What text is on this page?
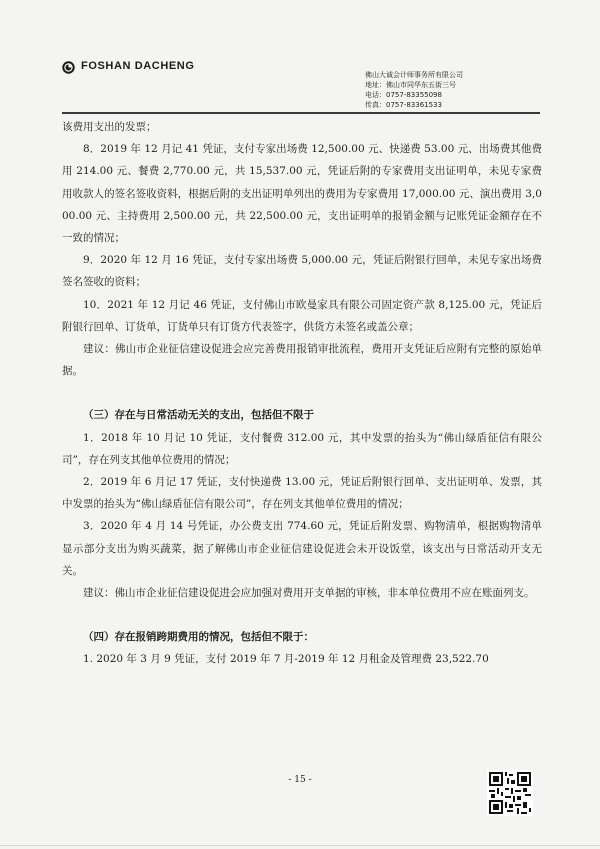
FOSHAN DACHENG
佛山大诚会计师事务所有限公司
地址：佛山市同华东五街三号
电话：0757-83355098
传真：0757-83361533

该费用支出的发票；

8．2019 年 12 月记 41 凭证，支付专家出场费 12,500.00 元、快递费 53.00 元、出场费其他费用 214.00 元、餐费 2,770.00 元，共 15,537.00 元，凭证后附的专家费用支出证明单，未见专家费用收款人的签名签收资料，根据后附的支出证明单列出的费用为专家费用 17,000.00 元、演出费用 3,000.00 元、主持费用 2,500.00 元，共 22,500.00 元，支出证明单的报销金额与记账凭证金额存在不一致的情况；

9．2020 年 12 月 16 凭证，支付专家出场费 5,000.00 元，凭证后附银行回单，未见专家出场费签名签收的资料；

10．2021 年 12 月记 46 凭证，支付佛山市欧曼家具有限公司固定资产款 8,125.00 元，凭证后附银行回单、订货单，订货单只有订货方代表签字，供货方未签名或盖公章；

建议：佛山市企业征信建设促进会应完善费用报销审批流程，费用开支凭证后应附有完整的原始单据。

（三）存在与日常活动无关的支出，包括但不限于

1．2018 年 10 月记 10 凭证，支付餐费 312.00 元，其中发票的抬头为“佛山绿盾征信有限公司”，存在列支其他单位费用的情况；

2．2019 年 6 月记 17 凭证，支付快递费 13.00 元，凭证后附银行回单、支出证明单、发票，其中发票的抬头为“佛山绿盾征信有限公司”，存在列支其他单位费用的情况；

3．2020 年 4 月 14 号凭证，办公费支出 774.60 元，凭证后附发票、购物清单，根据购物清单显示部分支出为购买蔬菜，据了解佛山市企业征信建设促进会未开设饭堂，该支出与日常活动开支无关。

建议：佛山市企业征信建设促进会应加强对费用开支单据的审核，非本单位费用不应在账面列支。

（四）存在报销跨期费用的情况，包括但不限于：

1. 2020 年 3 月 9 凭证，支付 2019 年 7 月-2019 年 12 月租金及管理费 23,522.70

- 15 -
